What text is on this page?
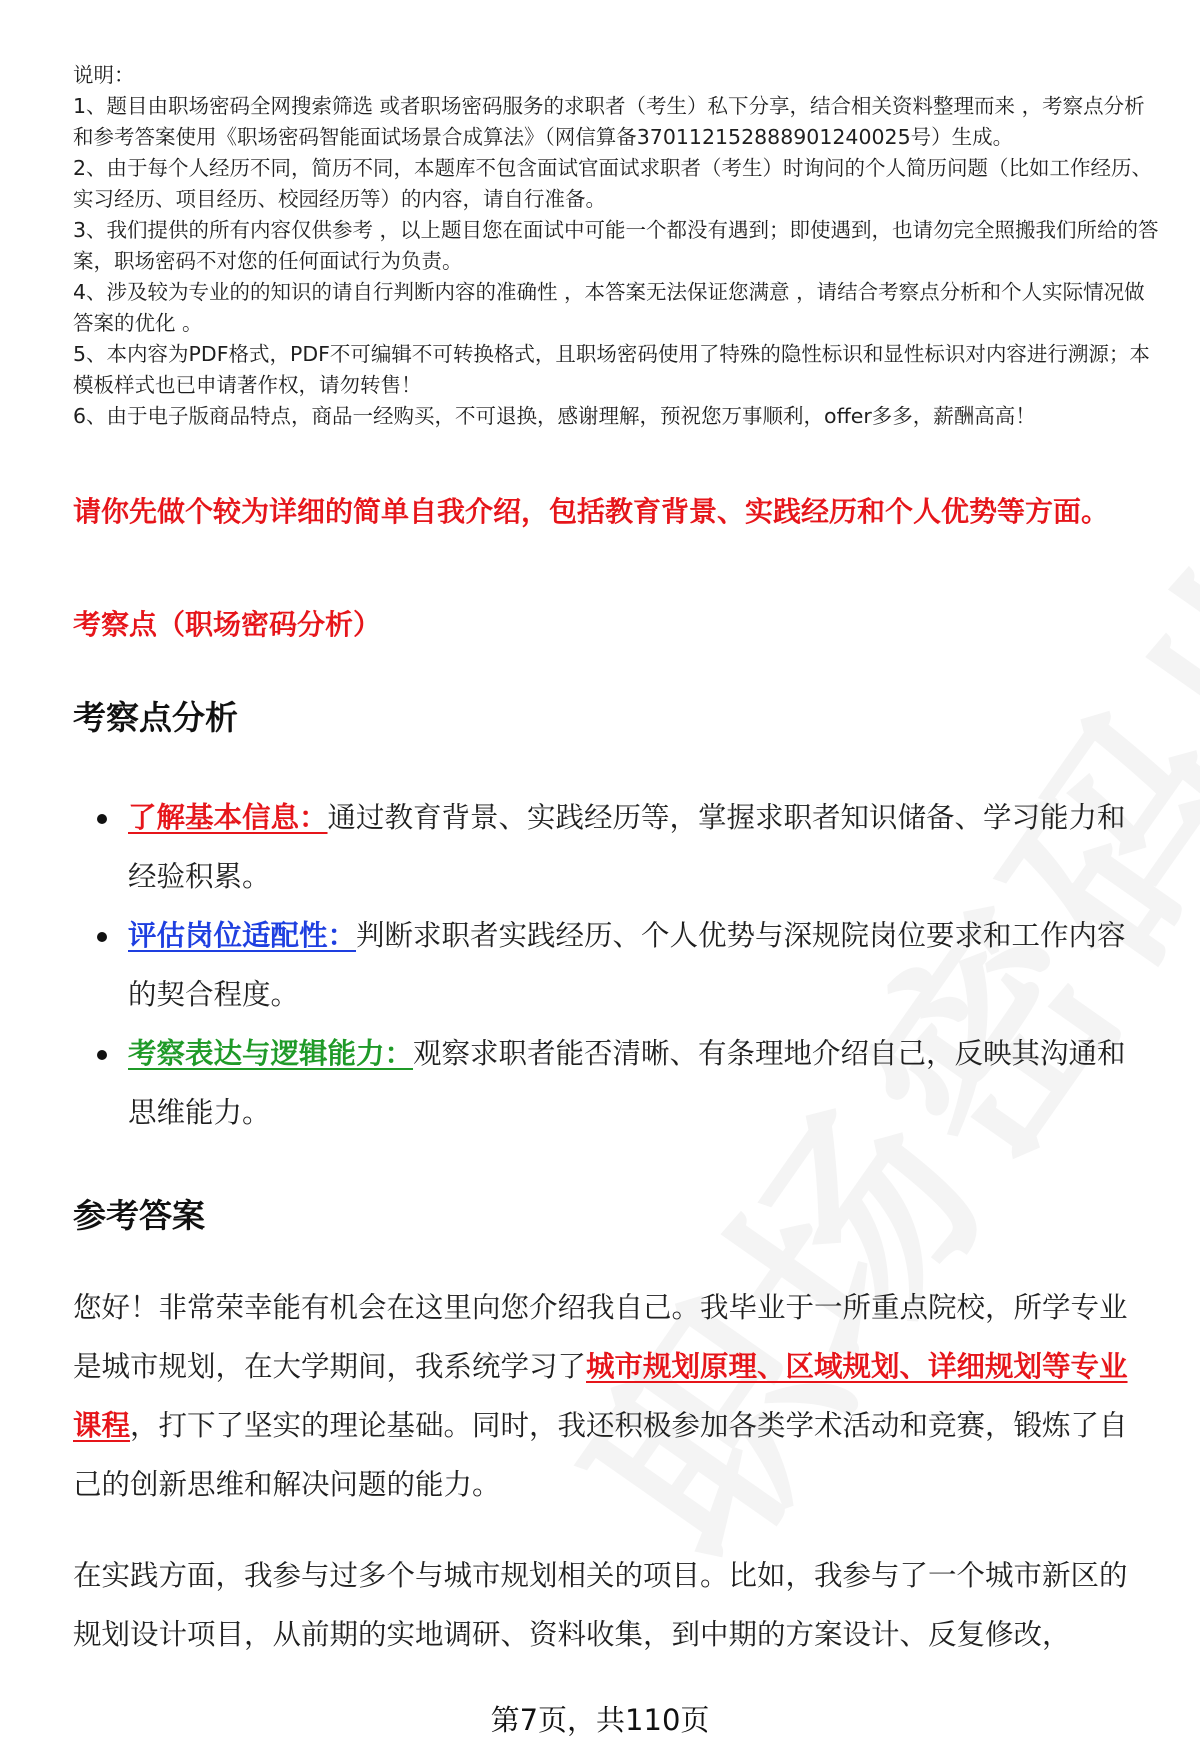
说明：

1、题目由职场密码全网搜索筛选 或者职场密码服务的求职者（考生）私下分享，结合相关资料整理而来 ，考察点分析和参考答案使用《职场密码智能面试场景合成算法》（网信算备370112152888901240025号）生成。

2、由于每个人经历不同，简历不同，本题库不包含面试官面试求职者（考生）时询问的个人简历问题（比如工作经历、实习经历、项目经历、校园经历等）的内容，请自行准备。

3、我们提供的所有内容仅供参考 ，以上题目您在面试中可能一个都没有遇到；即使遇到，也请勿完全照搬我们所给的答案，职场密码不对您的任何面试行为负责。

4、涉及较为专业的的知识的请自行判断内容的准确性 ，本答案无法保证您满意 ，请结合考察点分析和个人实际情况做答案的优化 。

5、本内容为PDF格式，PDF不可编辑不可转换格式，且职场密码使用了特殊的隐性标识和显性标识对内容进行溯源；本模板样式也已申请著作权，请勿转售！

6、由于电子版商品特点，商品一经购买，不可退换，感谢理解，预祝您万事顺利，offer多多，薪酬高高！

请你先做个较为详细的简单自我介绍，包括教育背景、实践经历和个人优势等方面。

考察点（职场密码分析）

考察点分析
了解基本信息：通过教育背景、实践经历等，掌握求职者知识储备、学习能力和经验积累。
评估岗位适配性：判断求职者实践经历、个人优势与深规院岗位要求和工作内容的契合程度。
考察表达与逻辑能力：观察求职者能否清晰、有条理地介绍自己，反映其沟通和思维能力。
参考答案

您好！非常荣幸能有机会在这里向您介绍我自己。我毕业于一所重点院校，所学专业是城市规划，在大学期间，我系统学习了城市规划原理、区域规划、详细规划等专业课程，打下了坚实的理论基础。同时，我还积极参加各类学术活动和竞赛，锻炼了自己的创新思维和解决问题的能力。

在实践方面，我参与过多个与城市规划相关的项目。比如，我参与了一个城市新区的规划设计项目，从前期的实地调研、资料收集，到中期的方案设计、反复修改，

第7页，共110页
